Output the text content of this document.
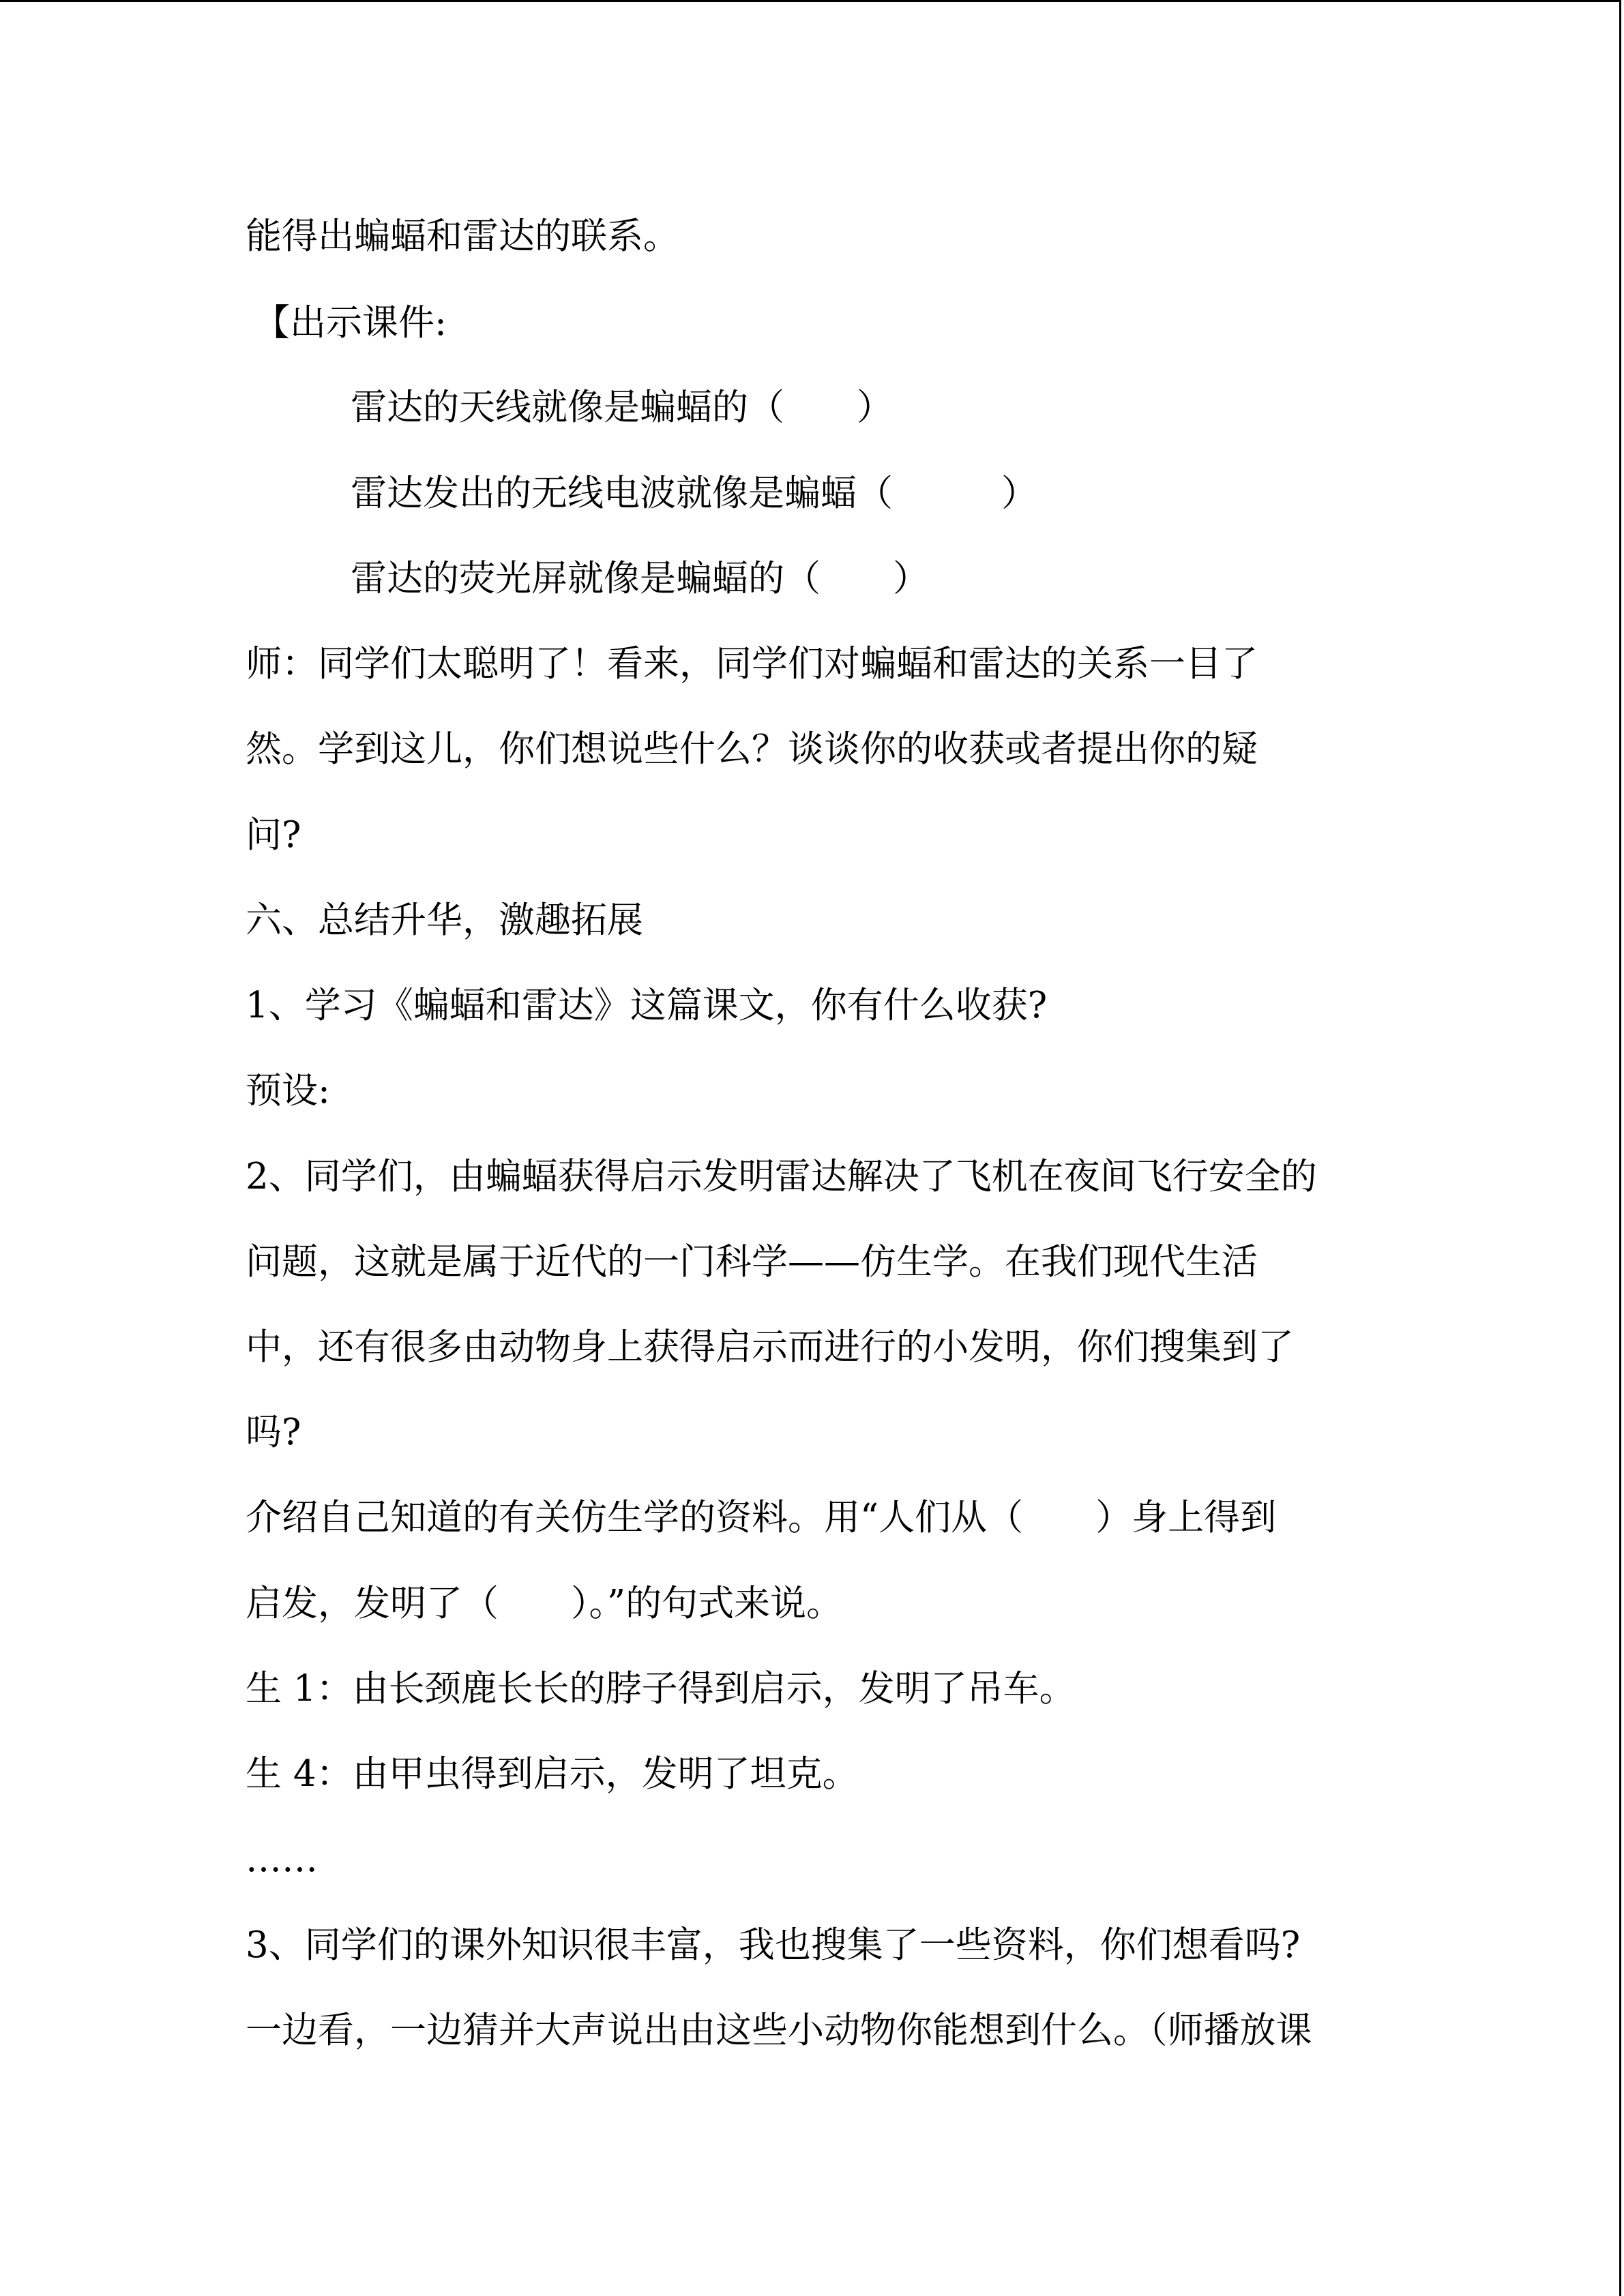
能得出蝙蝠和雷达的联系。
【出示课件:
雷达的天线就像是蝙蝠的（　　）
雷达发出的无线电波就像是蝙蝠（　　　）
雷达的荧光屏就像是蝙蝠的（　　）
师：同学们太聪明了！看来，同学们对蝙蝠和雷达的关系一目了
然。学到这儿，你们想说些什么？谈谈你的收获或者提出你的疑
问?
六、总结升华，激趣拓展
1、学习《蝙蝠和雷达》这篇课文，你有什么收获?
预设:
2、同学们，由蝙蝠获得启示发明雷达解决了飞机在夜间飞行安全的
问题，这就是属于近代的一门科学——仿生学。在我们现代生活
中，还有很多由动物身上获得启示而进行的小发明，你们搜集到了
吗?
介绍自己知道的有关仿生学的资料。用“人们从（　　）身上得到
启发，发明了（　　）。”的句式来说。
生 1：由长颈鹿长长的脖子得到启示，发明了吊车。
生 4：由甲虫得到启示，发明了坦克。
……
3、同学们的课外知识很丰富，我也搜集了一些资料，你们想看吗?
一边看，一边猜并大声说出由这些小动物你能想到什么。（师播放课
